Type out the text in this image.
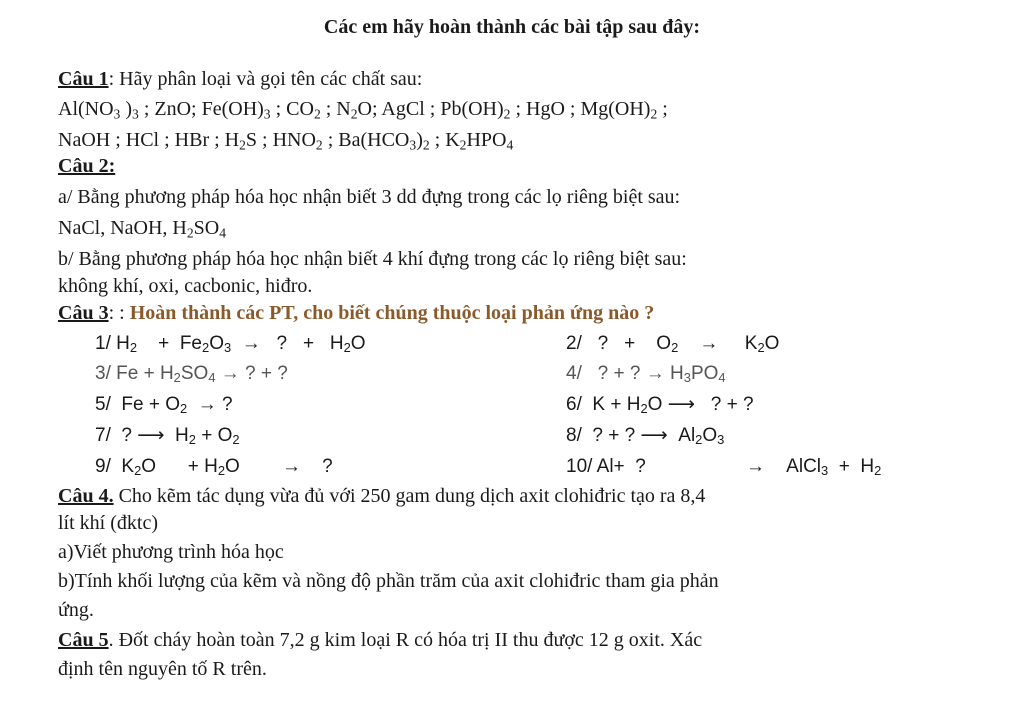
Các em hãy hoàn thành các bài tập sau đây:
Câu 1: Hãy phân loại và gọi tên các chất sau:
$Al(NO_3$ )$_3$ ; ZnO; $Fe(OH)_3$ ; $CO_2$ ; $N_2O$; AgCl ; $Pb(OH)_2$ ; HgO ; $Mg(OH)_2$ ;
NaOH ; HCl ; HBr ; $H_2S$ ; $HNO_2$ ; $Ba(HCO_3)_2$ ; $K_2HPO_4$
Câu 2:
a/ Bằng phương pháp hóa học nhận biết 3 dd đựng trong các lọ riêng biệt sau:
NaCl, NaOH, $H_2SO_4$
b/ Bằng phương pháp hóa học nhận biết 4 khí đựng trong các lọ riêng biệt sau:
không khí, oxi, cacbonic, hiđro.
Câu 3: : Hoàn thành các PT, cho biết chúng thuộc loại phản ứng nào ?
1/ $H_2$    +  $Fe_2O_3$  →   ?   +   $H_2O$	2/   ?   +    $O_2$    →     $K_2O$
3/ $Fe + H_2SO_4$ → ? + ?	4/   ? + ? → $H_3PO_4$
5/  $Fe + O_2$  → ?	6/  $K + H_2O$ ⟶   ? + ?
7/  ? ⟶  $H_2 + O_2$	8/  ? + ? ⟶  $Al_2O_3$
9/  $K_2O$      + $H_2O$        →    ?	10/ Al+  ?                   →    AlCl$_3$  +  $H_2$
Câu 4. Cho kẽm tác dụng vừa đủ với 250 gam dung dịch axit clohiđric tạo ra 8,4
lít khí (đktc)
a)Viết phương trình hóa học
b)Tính khối lượng của kẽm và nồng độ phần trăm của axit clohiđric tham gia phản
ứng.
Câu 5. Đốt cháy hoàn toàn 7,2 g kim loại R có hóa trị II thu được 12 g oxit. Xác
định tên nguyên tố R trên.
